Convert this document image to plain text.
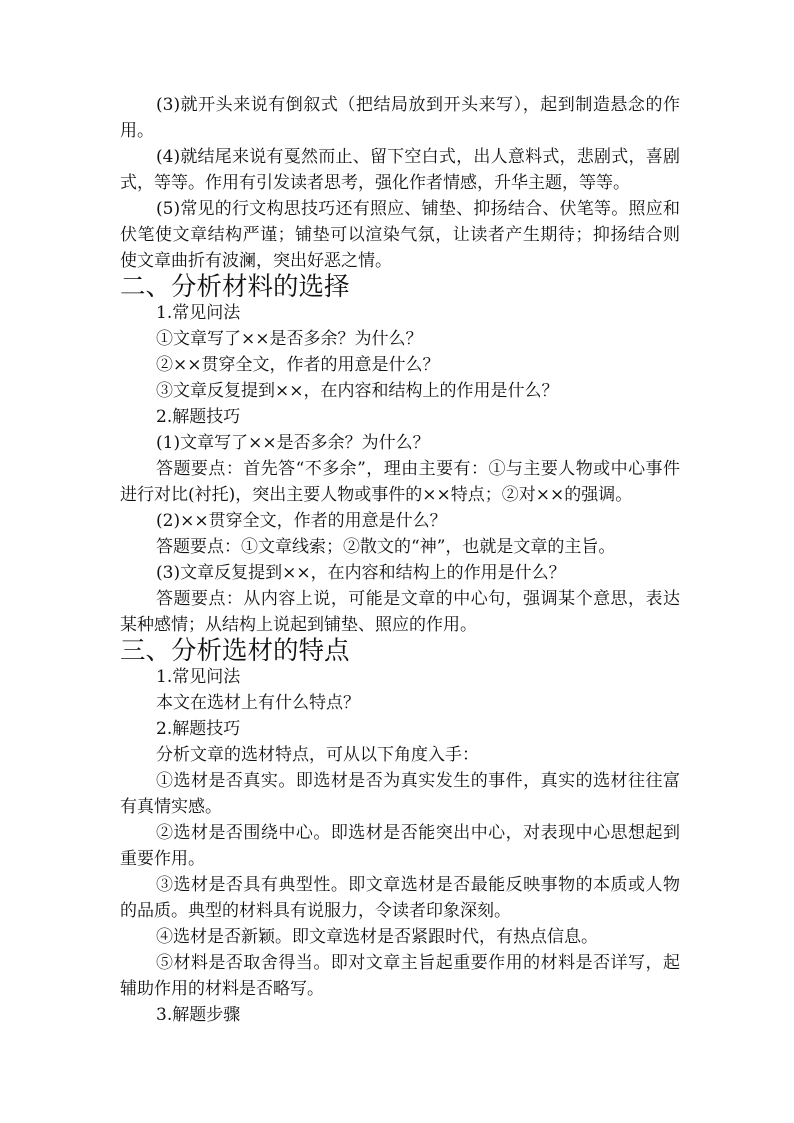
(3)就开头来说有倒叙式（把结局放到开头来写），起到制造悬念的作用。

(4)就结尾来说有戛然而止、留下空白式，出人意料式，悲剧式，喜剧式，等等。作用有引发读者思考，强化作者情感，升华主题，等等。

(5)常见的行文构思技巧还有照应、铺垫、抑扬结合、伏笔等。照应和伏笔使文章结构严谨；铺垫可以渲染气氛，让读者产生期待；抑扬结合则使文章曲折有波澜，突出好恶之情。

二、分析材料的选择

1.常见问法

①文章写了××是否多余？为什么？

②××贯穿全文，作者的用意是什么？

③文章反复提到××，在内容和结构上的作用是什么？

2.解题技巧

(1)文章写了××是否多余？为什么？

答题要点：首先答“不多余”，理由主要有：①与主要人物或中心事件进行对比(衬托)，突出主要人物或事件的××特点；②对××的强调。

(2)××贯穿全文，作者的用意是什么？

答题要点：①文章线索；②散文的“神”，也就是文章的主旨。

(3)文章反复提到××，在内容和结构上的作用是什么？

答题要点：从内容上说，可能是文章的中心句，强调某个意思，表达某种感情；从结构上说起到铺垫、照应的作用。

三、分析选材的特点

1.常见问法

本文在选材上有什么特点？

2.解题技巧

分析文章的选材特点，可从以下角度入手：

①选材是否真实。即选材是否为真实发生的事件，真实的选材往往富有真情实感。

②选材是否围绕中心。即选材是否能突出中心，对表现中心思想起到重要作用。

③选材是否具有典型性。即文章选材是否最能反映事物的本质或人物的品质。典型的材料具有说服力，令读者印象深刻。

④选材是否新颖。即文章选材是否紧跟时代，有热点信息。

⑤材料是否取舍得当。即对文章主旨起重要作用的材料是否详写，起辅助作用的材料是否略写。

3.解题步骤
